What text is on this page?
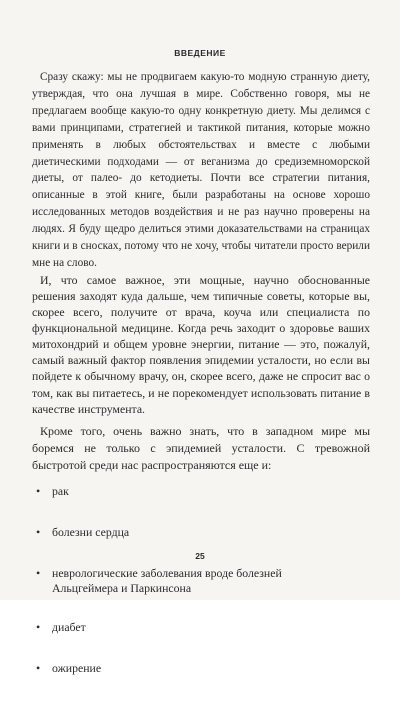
ВВЕДЕНИЕ

Сразу скажу: мы не продвигаем какую-то модную странную диету, утверждая, что она лучшая в мире. Собственно говоря, мы не предлагаем вообще какую-то одну конкретную диету. Мы делимся с вами принципами, стратегией и тактикой питания, которые можно применять в любых обстоятельствах и вместе с любыми диетическими подходами — от веганизма до средиземноморской диеты, от палео- до кетодиеты. Почти все стратегии питания, описанные в этой книге, были разработаны на основе хорошо исследованных методов воздействия и не раз научно проверены на людях. Я буду щедро делиться этими доказательствами на страницах книги и в сносках, потому что не хочу, чтобы читатели просто верили мне на слово.

И, что самое важное, эти мощные, научно обоснованные решения заходят куда дальше, чем типичные советы, которые вы, скорее всего, получите от врача, коуча или специалиста по функциональной медицине. Когда речь заходит о здоровье ваших митохондрий и общем уровне энергии, питание — это, пожалуй, самый важный фактор появления эпидемии усталости, но если вы пойдете к обычному врачу, он, скорее всего, даже не спросит вас о том, как вы питаетесь, и не порекомендует использовать питание в качестве инструмента.

Кроме того, очень важно знать, что в западном мире мы боремся не только с эпидемией усталости. С тревожной быстротой среди нас распространяются еще и:

• рак
• болезни сердца
• неврологические заболевания вроде болезней Альцгеймера и Паркинсона
• диабет
• ожирение
25
